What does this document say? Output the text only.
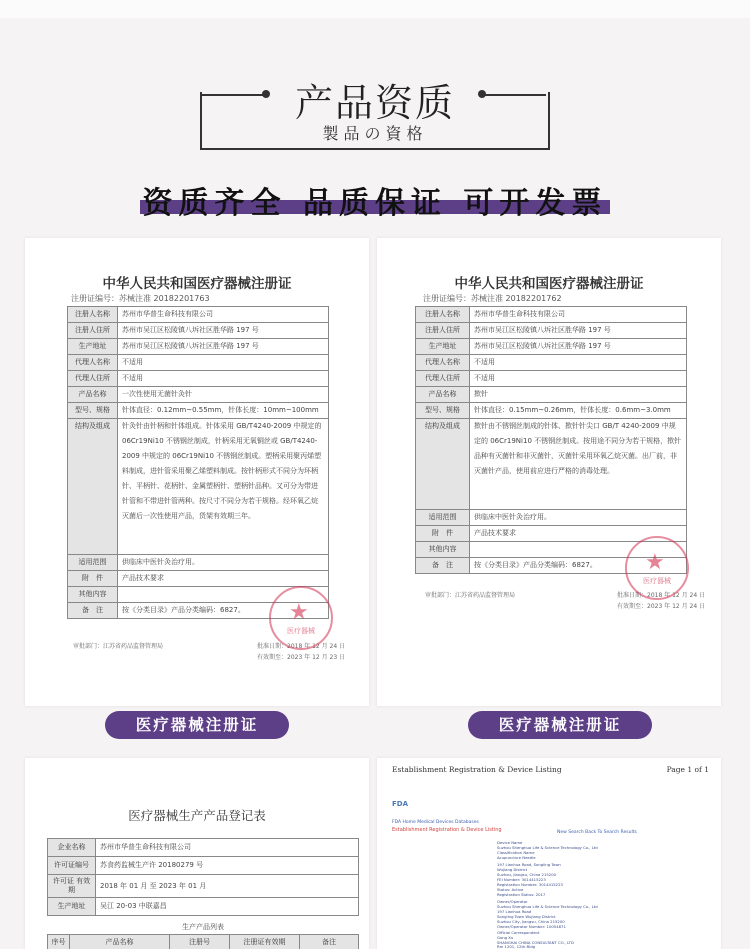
产品资质
製品の資格
资质齐全 品质保证 可开发票
中华人民共和国医疗器械注册证
注册证编号：苏械注准 20182201763
注册人名称	苏州市华普生命科技有限公司
注册人住所	苏州市吴江区松陵镇八坼社区胜华路 197 号
生产地址	苏州市吴江区松陵镇八坼社区胜华路 197 号
代理人名称	不适用
代理人住所	不适用
产品名称	一次性使用无菌针灸针
型号、规格	针体直径：0.12mm~0.55mm，针体长度：10mm~100mm
结构及组成	针灸针由针柄和针体组成。针体采用 GB/T4240-2009 中规定的 06Cr19Ni10 不锈钢丝制成，针柄采用无氧铜丝或 GB/T4240-2009 中规定的 06Cr19Ni10 不锈钢丝制成。塑柄采用聚丙烯塑料制成，进针管采用聚乙烯塑料制成。按针柄形式不同分为环柄针、平柄针、花柄针、金属塑柄针、塑柄针品种。又可分为带进针管和不带进针管两种。按尺寸不同分为若干规格。经环氧乙烷灭菌后一次性使用产品，货架有效期三年。
适用范围	供临床中医针灸治疗用。
附　件	产品技术要求
其他内容	
备　注	按《分类目录》产品分类编码：6827。
审批部门：江苏省药品监督管理局	批准日期：2018 年 12 月 24 日
有效期至：2023 年 12 月 23 日
★
医疗器械
中华人民共和国医疗器械注册证
注册证编号：苏械注准 20182201762
注册人名称	苏州市华普生命科技有限公司
注册人住所	苏州市吴江区松陵镇八坼社区胜华路 197 号
生产地址	苏州市吴江区松陵镇八坼社区胜华路 197 号
代理人名称	不适用
代理人住所	不适用
产品名称	揿针
型号、规格	针体直径：0.15mm~0.26mm，针体长度：0.6mm~3.0mm
结构及组成	揿针由不锈钢丝制成的针体、揿针针尖口 GB/T 4240-2009 中规定的 06Cr19Ni10 不锈钢丝制成。按用途不同分为若干规格，揿针品种有灭菌针和非灭菌针，灭菌针采用环氧乙烷灭菌。出厂前，非灭菌针产品，使用前应进行严格的消毒处理。
适用范围	供临床中医针灸治疗用。
附　件	产品技术要求
其他内容	
备　注	按《分类目录》产品分类编码：6827。
审批部门：江苏省药品监督管理局	批准日期：2018 年 12 月 24 日
有效期至：2023 年 12 月 24 日
★
医疗器械
医疗器械注册证	医疗器械注册证
医疗器械生产产品登记表
企业名称	苏州市华普生命科技有限公司
许可证编号	苏食药监械生产许 20180279 号
许可证 有效期	2018 年 01 月 至 2023 年 01 月
生产地址	吴江 20-03 中联嘉昌
生产产品列表
序号	产品名称	注册号	注册证有效期	备注
Establishment Registration & Device Listing	Page 1 of 1
FDA
FDA Home Medical Devices Databases
Establishment Registration & Device Listing	New Search Back To Search Results
Device Name
Suzhou Shenghua Life & Science Technology Co., Ltd
Classification Name
Acupuncture Needle
197 Lianhua Road, Songling Town
Wujiang District
Suzhou, Jiangsu, China 215200
FEI Number: 3014415223
Registration Number: 3014415223
Status: Active
Registration Status: 2017
Owner/Operator
Suzhou Shenghua Life & Science Technology Co., Ltd
197 Lianhua Road
Songling Town Wujiang District
Suzhou City, Jiangsu, China 215200
Owner/Operator Number: 10054871
Official Correspondent
Gong Xu
SHANGHAI CHINA CONSULTANT CO., LTD
Rm 1201, 12th Bldg
